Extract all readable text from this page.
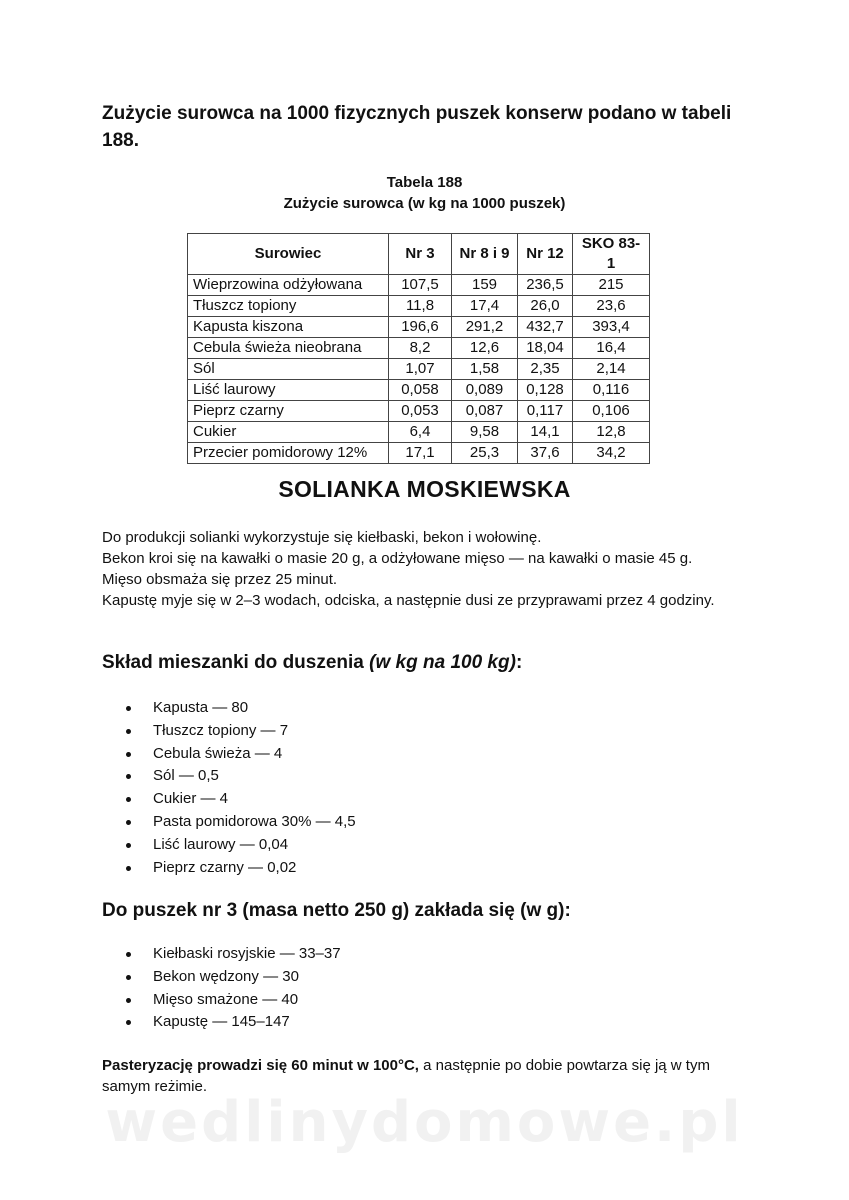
Zużycie surowca na 1000 fizycznych puszek konserw podano w tabeli 188.

Tabela 188
Zużycie surowca (w kg na 1000 puszek)
Surowiec	Nr 3	Nr 8 i 9	Nr 12	SKO 83-1
Wieprzowina odżyłowana	107,5	159	236,5	215
Tłuszcz topiony	11,8	17,4	26,0	23,6
Kapusta kiszona	196,6	291,2	432,7	393,4
Cebula świeża nieobrana	8,2	12,6	18,04	16,4
Sól	1,07	1,58	2,35	2,14
Liść laurowy	0,058	0,089	0,128	0,116
Pieprz czarny	0,053	0,087	0,117	0,106
Cukier	6,4	9,58	14,1	12,8
Przecier pomidorowy 12%	17,1	25,3	37,6	34,2
SOLIANKA MOSKIEWSKA

Do produkcji solianki wykorzystuje się kiełbaski, bekon i wołowinę.

Bekon kroi się na kawałki o masie 20 g, a odżyłowane mięso — na kawałki o masie 45 g.

Mięso obsmaża się przez 25 minut.

Kapustę myje się w 2–3 wodach, odciska, a następnie dusi ze przyprawami przez 4 godziny.

Skład mieszanki do duszenia (w kg na 100 kg):
Kapusta — 80
Tłuszcz topiony — 7
Cebula świeża — 4
Sól — 0,5
Cukier — 4
Pasta pomidorowa 30% — 4,5
Liść laurowy — 0,04
Pieprz czarny — 0,02
Do puszek nr 3 (masa netto 250 g) zakłada się (w g):
Kiełbaski rosyjskie — 33–37
Bekon wędzony — 30
Mięso smażone — 40
Kapustę — 145–147

Pasteryzację prowadzi się 60 minut w 100°C, a następnie po dobie powtarza się ją w tym samym reżimie.

wedlinydomowe.pl
